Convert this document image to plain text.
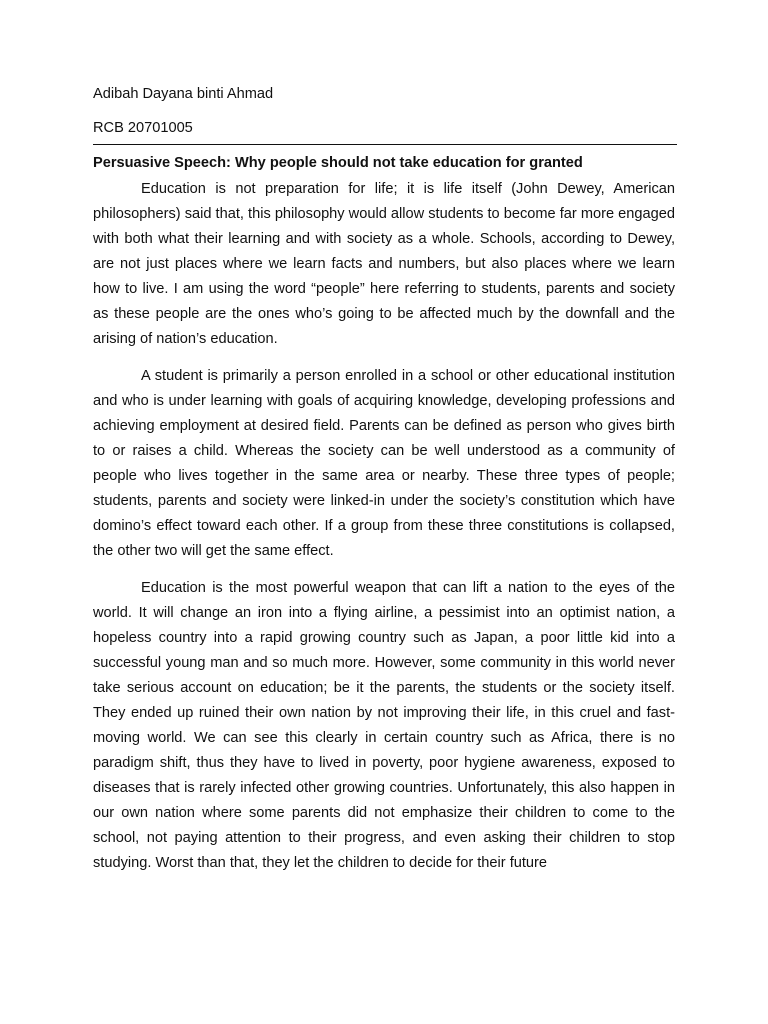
Adibah Dayana binti Ahmad

RCB 20701005

Persuasive Speech: Why people should not take education for granted

Education is not preparation for life; it is life itself (John Dewey, American philosophers) said that, this philosophy would allow students to become far more engaged with both what their learning and with society as a whole. Schools, according to Dewey, are not just places where we learn facts and numbers, but also places where we learn how to live. I am using the word “people” here referring to students, parents and society as these people are the ones who’s going to be affected much by the downfall and the arising of nation’s education.

A student is primarily a person enrolled in a school or other educational institution and who is under learning with goals of acquiring knowledge, developing professions and achieving employment at desired field. Parents can be defined as person who gives birth to or raises a child. Whereas the society can be well understood as a community of people who lives together in the same area or nearby. These three types of people; students, parents and society were linked-in under the society’s constitution which have domino’s effect toward each other. If a group from these three constitutions is collapsed, the other two will get the same effect.

Education is the most powerful weapon that can lift a nation to the eyes of the world. It will change an iron into a flying airline, a pessimist into an optimist nation, a hopeless country into a rapid growing country such as Japan, a poor little kid into a successful young man and so much more. However, some community in this world never take serious account on education; be it the parents, the students or the society itself. They ended up ruined their own nation by not improving their life, in this cruel and fast-moving world. We can see this clearly in certain country such as Africa, there is no paradigm shift, thus they have to lived in poverty, poor hygiene awareness, exposed to diseases that is rarely infected other growing countries. Unfortunately, this also happen in our own nation where some parents did not emphasize their children to come to the school, not paying attention to their progress, and even asking their children to stop studying. Worst than that, they let the children to decide for their future
